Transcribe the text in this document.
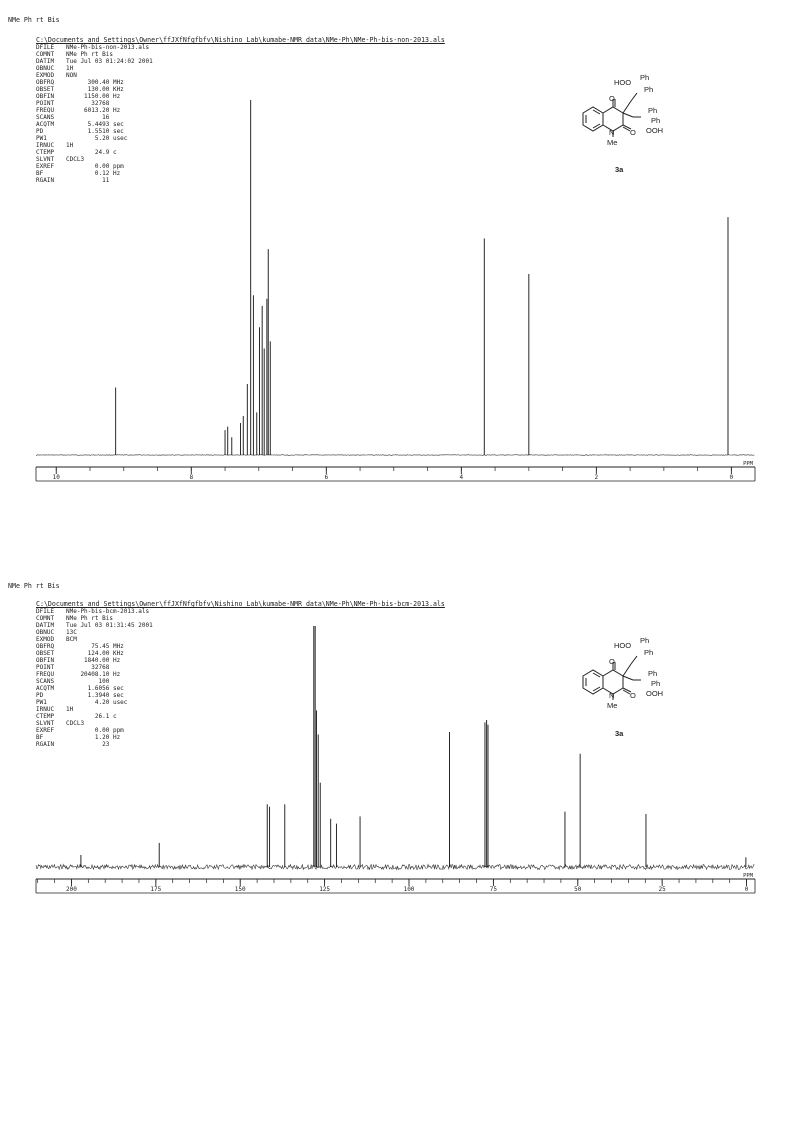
NMe Ph rt Bis
C:\Documents and Settings\Owner\ffJXfNfgfbfv\Nishino_Lab\kumabe-NMR data\NMe-Ph\NMe-Ph-bis-non-2013.als
DFILE	NMe-Ph-bis-non-2013.als
COMNT	NMe Ph rt Bis
DATIM	Tue Jul 03 01:24:02 2001
OBNUC	1H
EXMOD	NON
OBFRQ	300.40 MHz
OBSET	130.00 KHz
OBFIN	1150.00 Hz
POINT	32768
FREQU	6013.20 Hz
SCANS	16
ACQTM	5.4493 sec
PD	1.5510 sec
PW1	5.20 usec
IRNUC	1H
CTEMP	24.9 c
SLVNT	CDCL3
EXREF	0.00 ppm
BF	0.12 Hz
RGAIN	11
10	8	6	4	2	0
PPM
O
O
N
Me
HOO
Ph
Ph
Ph
Ph
OOH
3a
NMe Ph rt Bis
C:\Documents and Settings\Owner\ffJXfNfgfbfv\Nishino_Lab\kumabe-NMR data\NMe-Ph\NMe-Ph-bis-bcm-2013.als
DFILE	NMe-Ph-bis-bcm-2013.als
COMNT	NMe Ph rt Bis
DATIM	Tue Jul 03 01:31:45 2001
OBNUC	13C
EXMOD	BCM
OBFRQ	75.45 MHz
OBSET	124.00 KHz
OBFIN	1840.00 Hz
POINT	32768
FREQU	20408.10 Hz
SCANS	100
ACQTM	1.6056 sec
PD	1.3940 sec
PW1	4.20 usec
IRNUC	1H
CTEMP	26.1 c
SLVNT	CDCL3
EXREF	0.00 ppm
BF	1.20 Hz
RGAIN	23
200	175	150	125	100	75	50	25	0
PPM
O
O
N
Me
HOO
Ph
Ph
Ph
Ph
OOH
3a
